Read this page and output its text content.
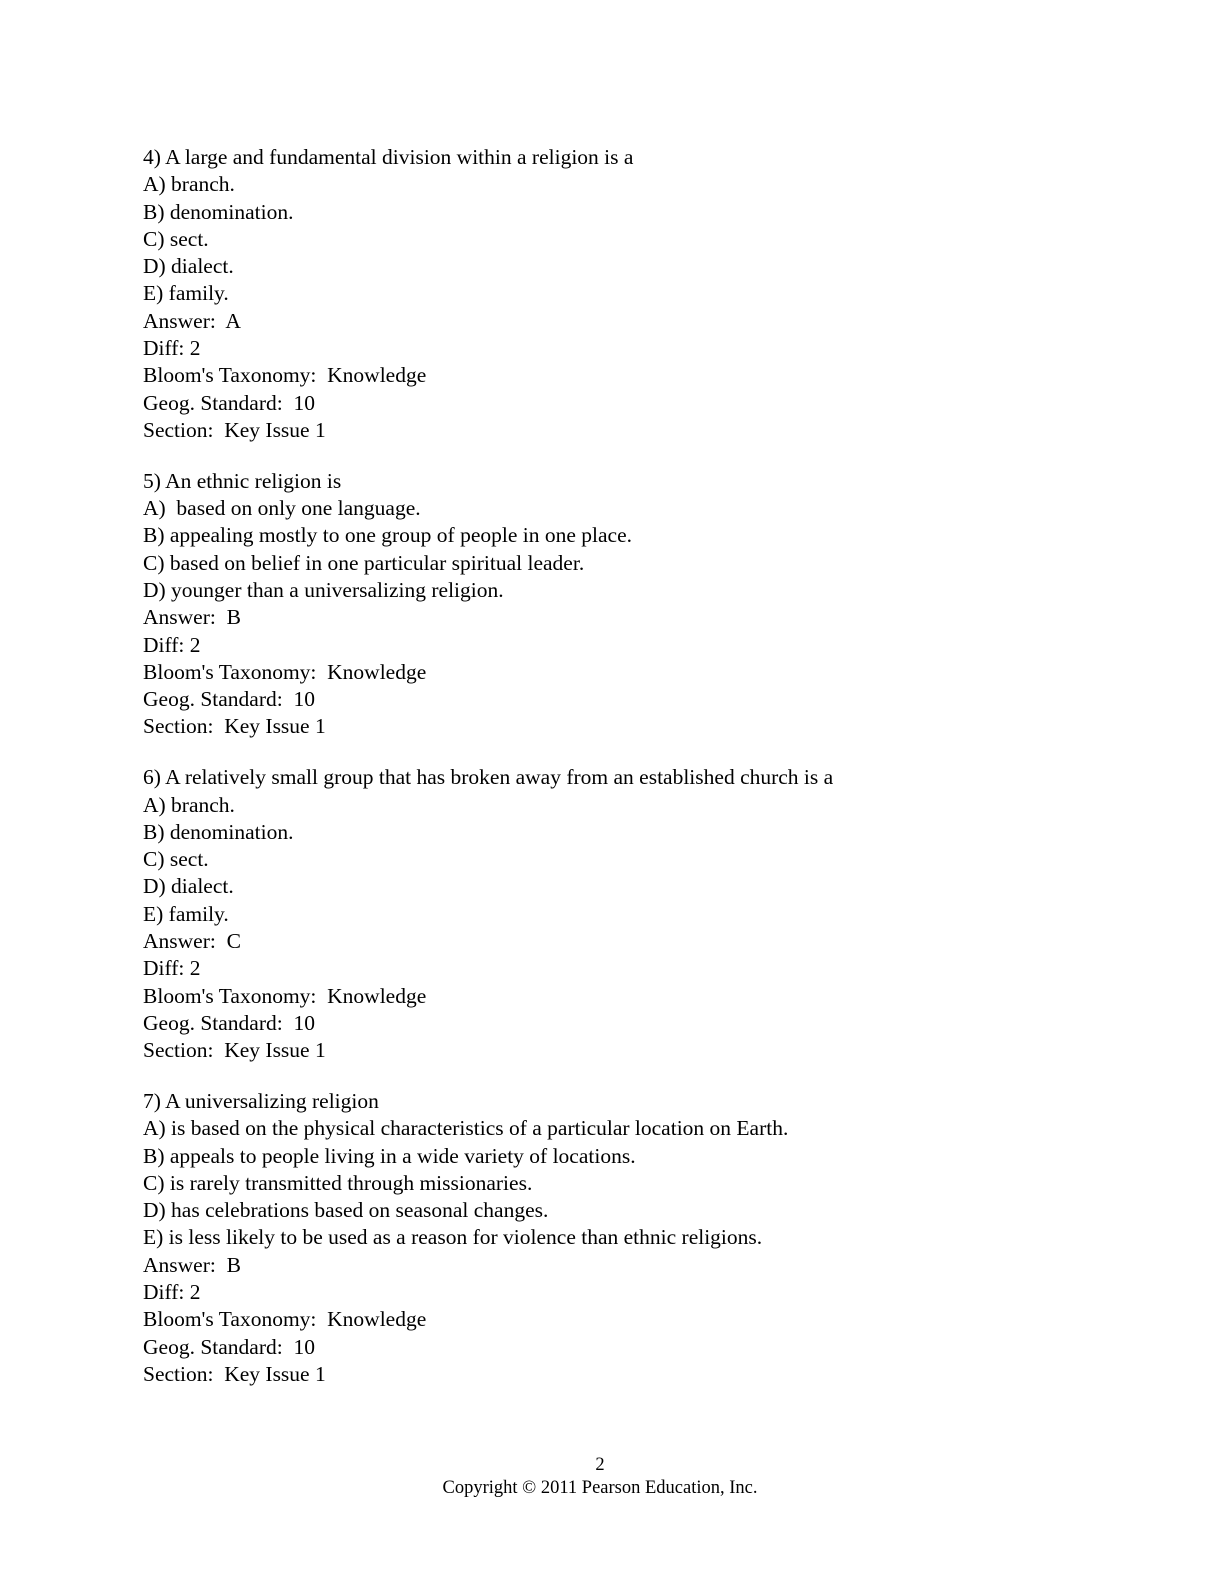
4) A large and fundamental division within a religion is a
A) branch.
B) denomination.
C) sect.
D) dialect.
E) family.
Answer:  A
Diff: 2
Bloom's Taxonomy:  Knowledge
Geog. Standard:  10
Section:  Key Issue 1
5) An ethnic religion is
A)  based on only one language.
B) appealing mostly to one group of people in one place.
C) based on belief in one particular spiritual leader.
D) younger than a universalizing religion.
Answer:  B
Diff: 2
Bloom's Taxonomy:  Knowledge
Geog. Standard:  10
Section:  Key Issue 1
6) A relatively small group that has broken away from an established church is a
A) branch.
B) denomination.
C) sect.
D) dialect.
E) family.
Answer:  C
Diff: 2
Bloom's Taxonomy:  Knowledge
Geog. Standard:  10
Section:  Key Issue 1
7) A universalizing religion
A) is based on the physical characteristics of a particular location on Earth.
B) appeals to people living in a wide variety of locations.
C) is rarely transmitted through missionaries.
D) has celebrations based on seasonal changes.
E) is less likely to be used as a reason for violence than ethnic religions.
Answer:  B
Diff: 2
Bloom's Taxonomy:  Knowledge
Geog. Standard:  10
Section:  Key Issue 1
2
Copyright © 2011 Pearson Education, Inc.
